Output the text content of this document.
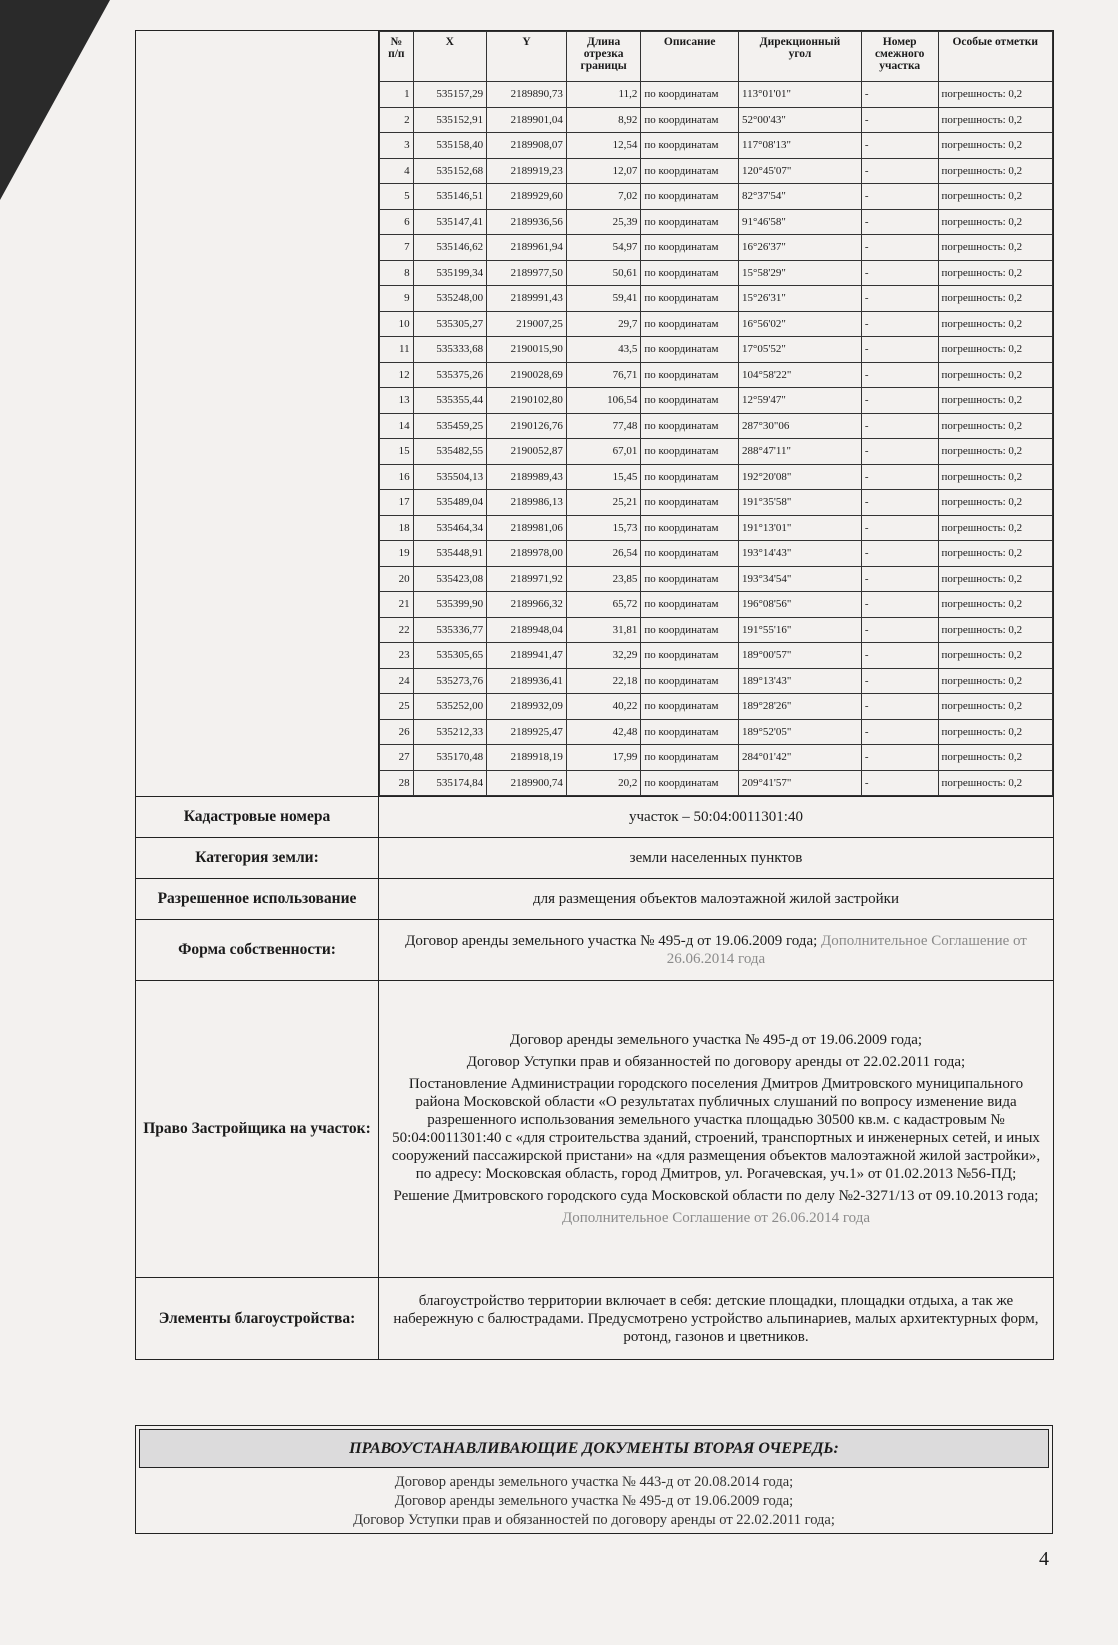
№
п/п	X	Y	Длина
отрезка
границы	Описание	Дирекционный
угол	Номер
смежного
участка	Особые отметки
1	535157,29	2189890,73	11,2	по координатам	113°01'01"	-	погрешность: 0,2
2	535152,91	2189901,04	8,92	по координатам	52°00'43"	-	погрешность: 0,2
3	535158,40	2189908,07	12,54	по координатам	117°08'13"	-	погрешность: 0,2
4	535152,68	2189919,23	12,07	по координатам	120°45'07"	-	погрешность: 0,2
5	535146,51	2189929,60	7,02	по координатам	82°37'54"	-	погрешность: 0,2
6	535147,41	2189936,56	25,39	по координатам	91°46'58"	-	погрешность: 0,2
7	535146,62	2189961,94	54,97	по координатам	16°26'37"	-	погрешность: 0,2
8	535199,34	2189977,50	50,61	по координатам	15°58'29"	-	погрешность: 0,2
9	535248,00	2189991,43	59,41	по координатам	15°26'31"	-	погрешность: 0,2
10	535305,27	219007,25	29,7	по координатам	16°56'02"	-	погрешность: 0,2
11	535333,68	2190015,90	43,5	по координатам	17°05'52"	-	погрешность: 0,2
12	535375,26	2190028,69	76,71	по координатам	104°58'22"	-	погрешность: 0,2
13	535355,44	2190102,80	106,54	по координатам	12°59'47"	-	погрешность: 0,2
14	535459,25	2190126,76	77,48	по координатам	287°30"06	-	погрешность: 0,2
15	535482,55	2190052,87	67,01	по координатам	288°47'11"	-	погрешность: 0,2
16	535504,13	2189989,43	15,45	по координатам	192°20'08"	-	погрешность: 0,2
17	535489,04	2189986,13	25,21	по координатам	191°35'58"	-	погрешность: 0,2
18	535464,34	2189981,06	15,73	по координатам	191°13'01"	-	погрешность: 0,2
19	535448,91	2189978,00	26,54	по координатам	193°14'43"	-	погрешность: 0,2
20	535423,08	2189971,92	23,85	по координатам	193°34'54"	-	погрешность: 0,2
21	535399,90	2189966,32	65,72	по координатам	196°08'56"	-	погрешность: 0,2
22	535336,77	2189948,04	31,81	по координатам	191°55'16"	-	погрешность: 0,2
23	535305,65	2189941,47	32,29	по координатам	189°00'57"	-	погрешность: 0,2
24	535273,76	2189936,41	22,18	по координатам	189°13'43"	-	погрешность: 0,2
25	535252,00	2189932,09	40,22	по координатам	189°28'26"	-	погрешность: 0,2
26	535212,33	2189925,47	42,48	по координатам	189°52'05"	-	погрешность: 0,2
27	535170,48	2189918,19	17,99	по координатам	284°01'42"	-	погрешность: 0,2
28	535174,84	2189900,74	20,2	по координатам	209°41'57"	-	погрешность: 0,2

Кадастровые номера	участок – 50:04:0011301:40
Категория земли:	земли населенных пунктов
Разрешенное использование	для размещения объектов малоэтажной жилой застройки
Форма собственности:	Договор аренды земельного участка № 495-д от 19.06.2009 года; Дополнительное Соглашение от 26.06.2014 года
Право Застройщика на участок:	

Договор аренды земельного участка № 495-д от 19.06.2009 года;

Договор Уступки прав и обязанностей по договору аренды от 22.02.2011 года;

Постановление Администрации городского поселения Дмитров Дмитровского муниципального района Московской области «О результатах публичных слушаний по вопросу изменение вида разрешенного использования земельного участка площадью 30500 кв.м. с кадастровым № 50:04:0011301:40 с «для строительства зданий, строений, транспортных и инженерных сетей, и иных сооружений пассажирской пристани» на «для размещения объектов малоэтажной жилой застройки», по адресу: Московская область, город Дмитров, ул. Рогачевская, уч.1» от 01.02.2013 №56-ПД;

Решение Дмитровского городского суда Московской области по делу №2-3271/13 от 09.10.2013 года;

Дополнительное Соглашение от 26.06.2014 года

Элементы благоустройства:	благоустройство территории включает в себя: детские площадки, площадки отдыха, а так же набережную с балюстрадами. Предусмотрено устройство альпинариев, малых архитектурных форм, ротонд, газонов и цветников.
ПРАВОУСТАНАВЛИВАЮЩИЕ ДОКУМЕНТЫ ВТОРАЯ ОЧЕРЕДЬ:
Договор аренды земельного участка № 443-д от 20.08.2014 года;
Договор аренды земельного участка № 495-д от 19.06.2009 года;
Договор Уступки прав и обязанностей по договору аренды от 22.02.2011 года;
4
